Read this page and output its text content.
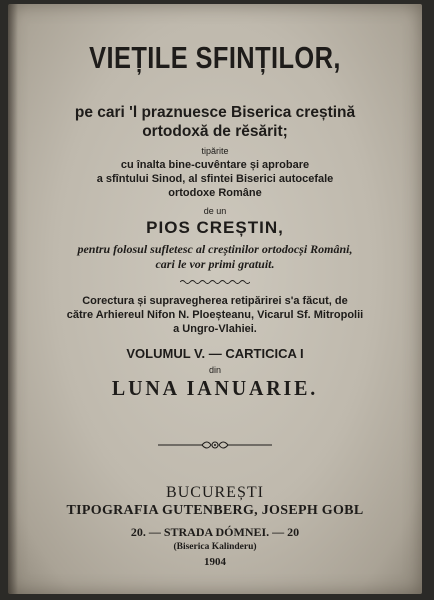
VIEȚILE SFINȚILOR,
pe cari 'l praznuesce Biserica creștină
ortodoxă de rĕsărit;
tipărite
cu înalta bine-cuvêntare și aprobare
a sfîntului Sinod, al sfintei Biserici autocefale
ortodoxe Române
de un
PIOS CREȘTIN,
pentru folosul sufletesc al creștinilor ortodocși Români,
cari le vor primi gratuit.
Corectura și supravegherea retipărirei s'a făcut, de
către Arhiereul Nifon N. Ploeșteanu, Vicarul Sf. Mitropolii
a Ungro-Vlahiei.
VOLUMUL V. — CARTICICA I
din
LUNA IANUARIE.
BUCUREȘTI
TIPOGRAFIA GUTENBERG, JOSEPH GOBL
20. — STRADA DÓMNEI. — 20
(Biserica Kalinderu)
1904
